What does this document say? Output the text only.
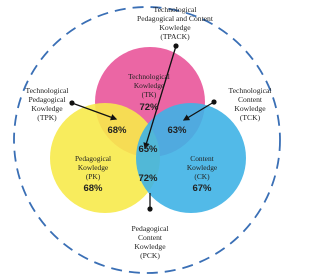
Technological
Pedagogical and Content
Kowledge
(TPACK)
Technological
Pedagogical
Kowledge
(TPK)
Technological
Content
Kowledge
(TCK)
Pedagogical
Content
Kowledge
(PCK)
Technological
Kowledge
(TK)
72%
Pedagogical
Kowledge
(PK)
68%
Content
Kowledge
(CK)
67%
68%	63%
72%
65%
